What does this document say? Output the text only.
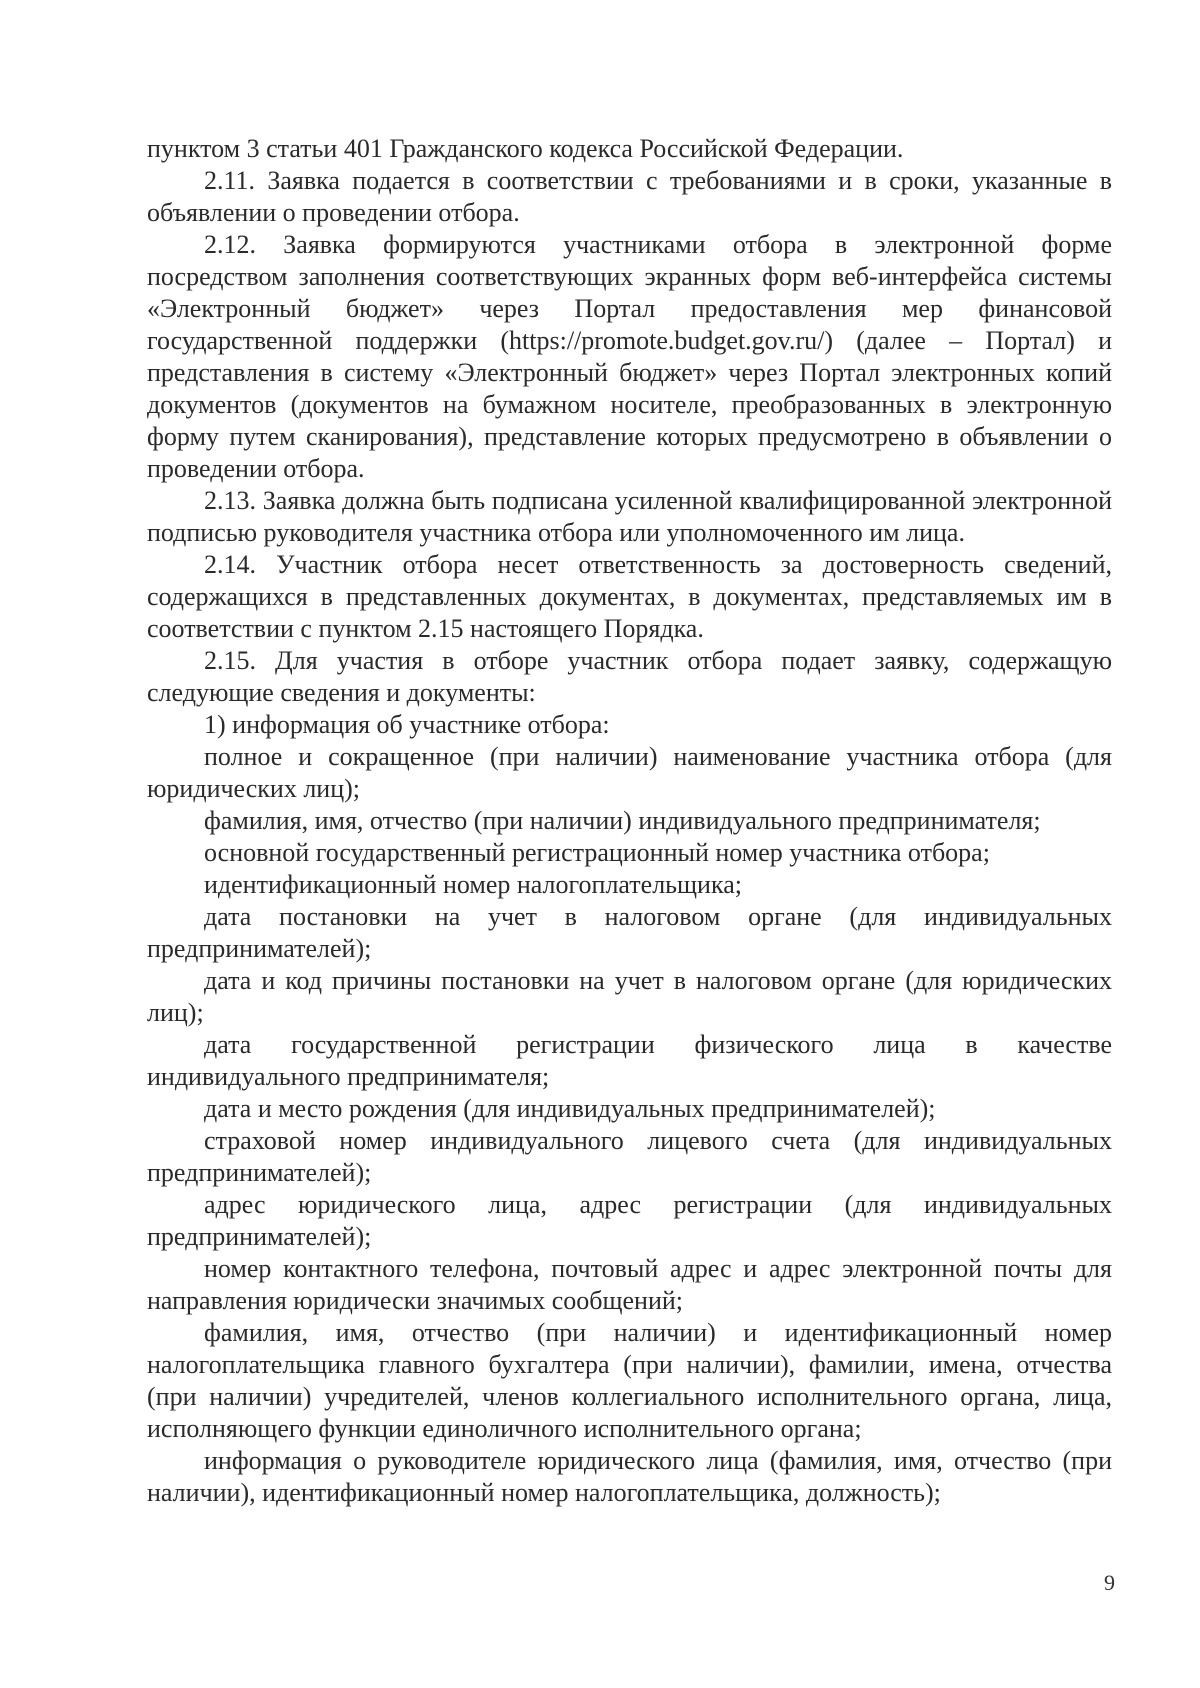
пунктом 3 статьи 401 Гражданского кодекса Российской Федерации.

2.11. Заявка подается в соответствии с требованиями и в сроки, указанные в объявлении о проведении отбора.

2.12. Заявка формируются участниками отбора в электронной форме посредством заполнения соответствующих экранных форм веб-интерфейса системы «Электронный бюджет» через Портал предоставления мер финансовой государственной поддержки (https://promote.budget.gov.ru/) (далее – Портал) и представления в систему «Электронный бюджет» через Портал электронных копий документов (документов на бумажном носителе, преобразованных в электронную форму путем сканирования), представление которых предусмотрено в объявлении о проведении отбора.

2.13. Заявка должна быть подписана усиленной квалифицированной электронной подписью руководителя участника отбора или уполномоченного им лица.

2.14. Участник отбора несет ответственность за достоверность сведений, содержащихся в представленных документах, в документах, представляемых им в соответствии с пунктом 2.15 настоящего Порядка.

2.15. Для участия в отборе участник отбора подает заявку, содержащую следующие сведения и документы:

1) информация об участнике отбора:

полное и сокращенное (при наличии) наименование участника отбора (для юридических лиц);

фамилия, имя, отчество (при наличии) индивидуального предпринимателя;

основной государственный регистрационный номер участника отбора;

идентификационный номер налогоплательщика;

дата постановки на учет в налоговом органе (для индивидуальных предпринимателей);

дата и код причины постановки на учет в налоговом органе (для юридических лиц);

дата государственной регистрации физического лица в качестве индивидуального предпринимателя;

дата и место рождения (для индивидуальных предпринимателей);

страховой номер индивидуального лицевого счета (для индивидуальных предпринимателей);

адрес юридического лица, адрес регистрации (для индивидуальных предпринимателей);

номер контактного телефона, почтовый адрес и адрес электронной почты для направления юридически значимых сообщений;

фамилия, имя, отчество (при наличии) и идентификационный номер налогоплательщика главного бухгалтера (при наличии), фамилии, имена, отчества (при наличии) учредителей, членов коллегиального исполнительного органа, лица, исполняющего функции единоличного исполнительного органа;

информация о руководителе юридического лица (фамилия, имя, отчество (при наличии), идентификационный номер налогоплательщика, должность);

9
